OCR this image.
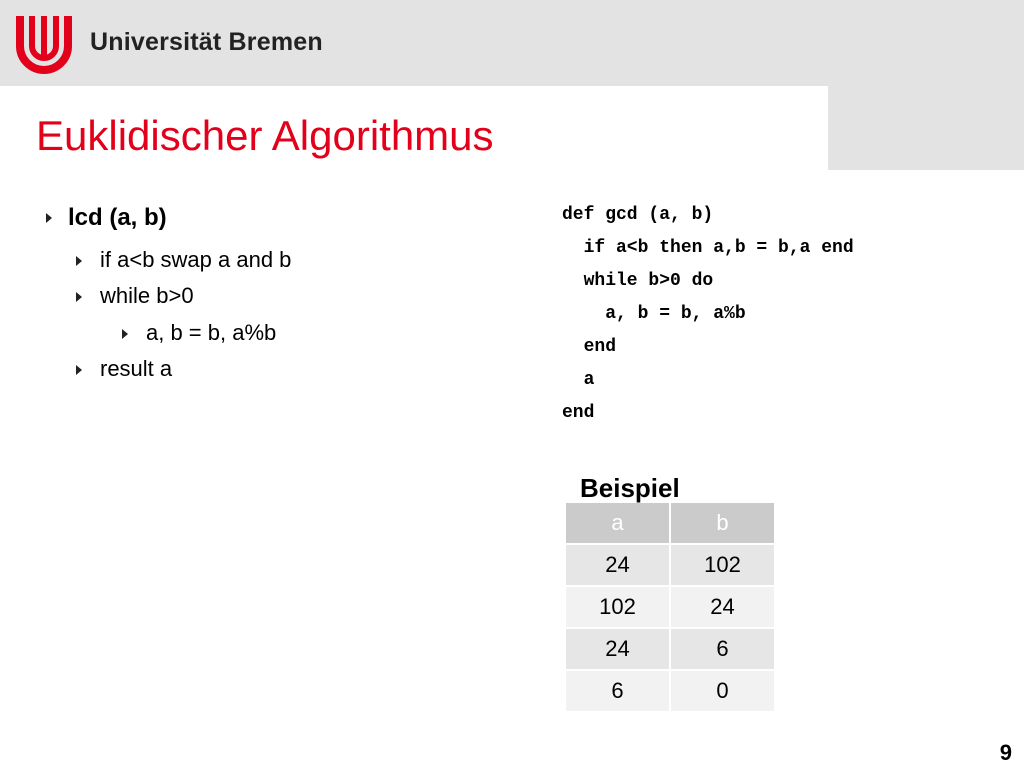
Universität Bremen
Euklidischer Algorithmus
lcd (a, b)
if a<b swap a and b
while b>0
a, b = b, a%b
result a
def gcd (a, b)
if a<b then a,b = b,a end
while b>0 do
a, b = b, a%b
end
a
end
Beispiel
a	b
24	102
102	24
24	6
6	0
9
